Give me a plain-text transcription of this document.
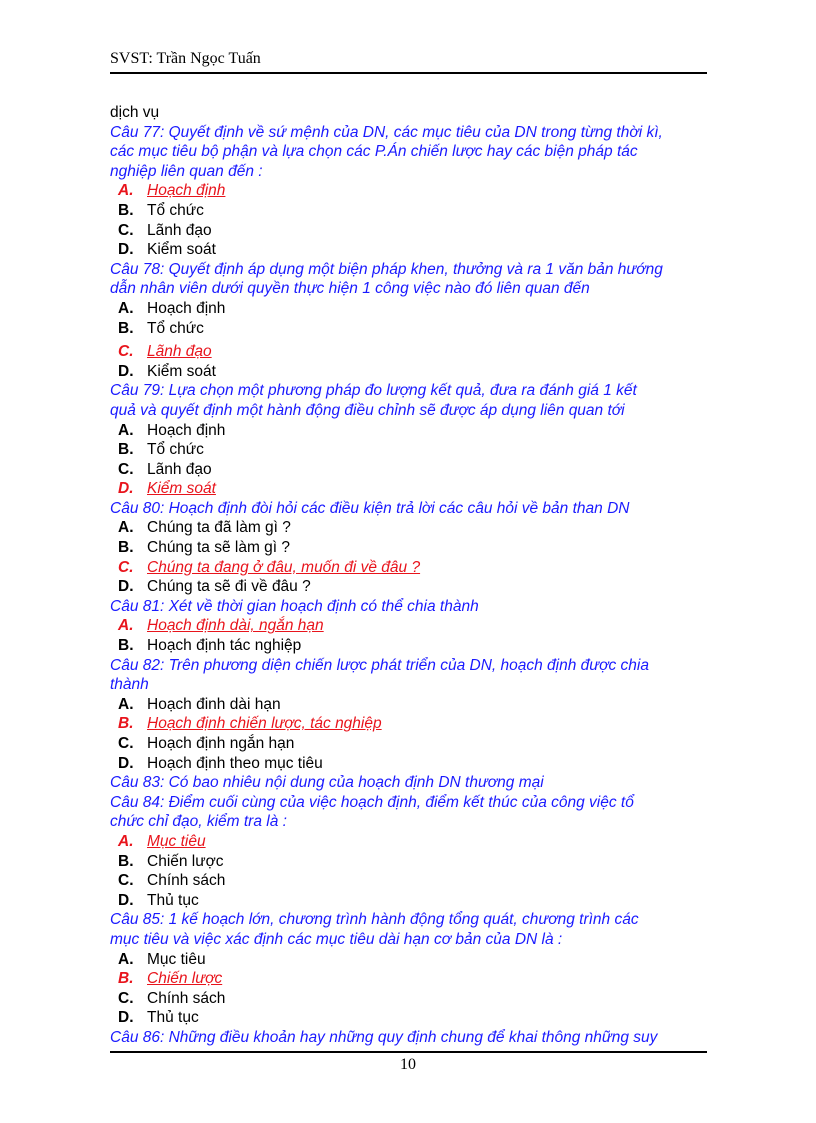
SVST: Trần Ngọc Tuấn
dịch vụ
Câu 77: Quyết định về sứ mệnh của DN, các mục tiêu của DN trong từng thời kì,
các mục tiêu bộ phận và lựa chọn các P.Án chiến lược hay các biện pháp tác
nghiệp liên quan đến :
A. Hoạch định
B. Tổ chức
C. Lãnh đạo
D. Kiểm soát
Câu 78: Quyết định áp dụng một biện pháp khen, thưởng và ra 1 văn bản hướng
dẫn nhân viên dưới quyền thực hiện 1 công việc nào đó liên quan đến
A. Hoạch định
B. Tổ chức
C. Lãnh đạo
D. Kiểm soát
Câu 79: Lựa chọn một phương pháp đo lượng kết quả, đưa ra đánh giá 1 kết
quả và quyết định một hành động điều chỉnh sẽ được áp dụng liên quan tới
A. Hoạch định
B. Tổ chức
C. Lãnh đạo
D. Kiểm soát
Câu 80: Hoạch định đòi hỏi các điều kiện trả lời các câu hỏi về bản than DN
A. Chúng ta đã làm gì ?
B. Chúng ta sẽ làm gì ?
C. Chúng ta đang ở đâu, muốn đi về đâu ?
D. Chúng ta sẽ đi về đâu ?
Câu 81: Xét về thời gian hoạch định có thể chia thành
A. Hoạch định dài, ngắn hạn
B. Hoạch định tác nghiệp
Câu 82: Trên phương diện chiến lược phát triển của DN, hoạch định được chia
thành
A. Hoạch đinh dài hạn
B. Hoạch định chiến lược, tác nghiệp
C. Hoạch định ngắn hạn
D. Hoạch định theo mục tiêu
Câu 83: Có bao nhiêu nội dung của hoạch định DN thương mại
Câu 84: Điểm cuối cùng của việc hoạch định, điểm kết thúc của công việc tổ
chức chỉ đạo, kiểm tra là :
A. Mục tiêu
B. Chiến lược
C. Chính sách
D. Thủ tục
Câu 85: 1 kế hoạch lớn, chương trình hành động tổng quát, chương trình các
mục tiêu và việc xác định các mục tiêu dài hạn cơ bản của DN là :
A. Mục tiêu
B. Chiến lược
C. Chính sách
D. Thủ tục
Câu 86: Những điều khoản hay những quy định chung để khai thông những suy
10
